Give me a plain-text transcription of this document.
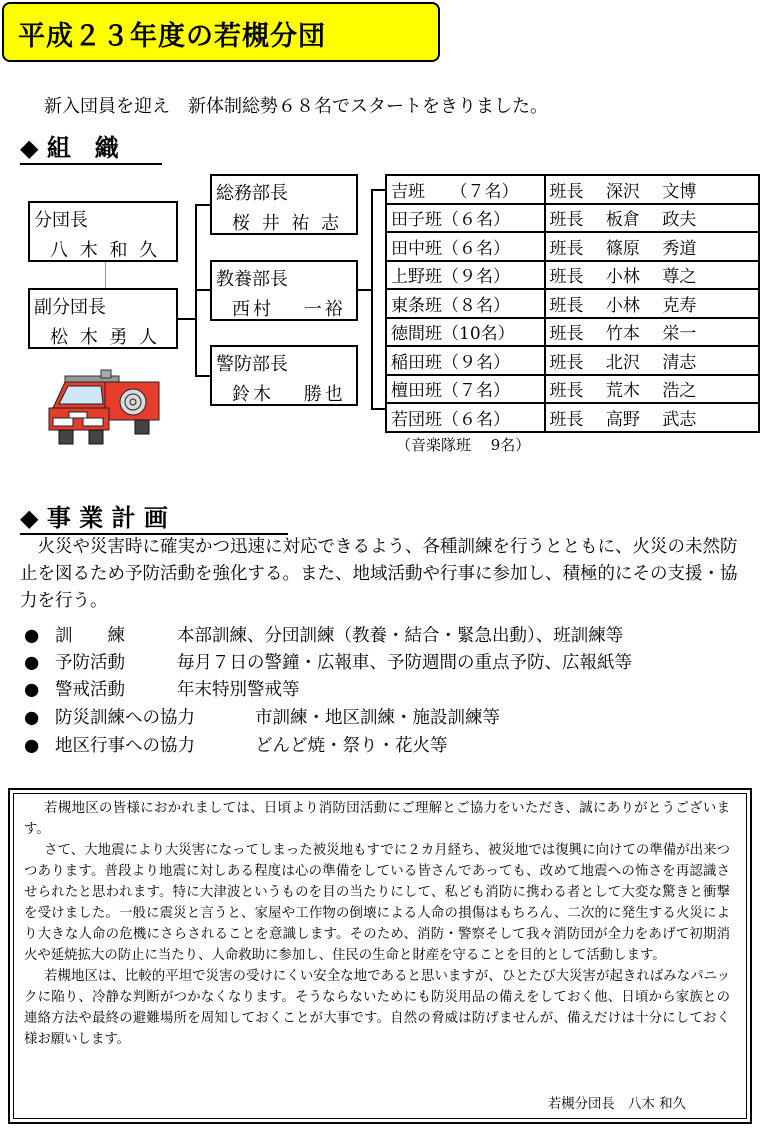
平成２３年度の若槻分団
新入団員を迎え　新体制総勢６８名でスタートをきりました。
◆ 組　織
分団長
八 木 和 久
副分団長
松 木 勇 人
総務部長
桜 井 祐 志
教養部長
西村　 一裕
警防部長
鈴木　 勝也
吉班　　（７名）	班長　 深沢　 文博
田子班（６名）	班長　 板倉　 政夫
田中班（６名）	班長　 篠原　 秀道
上野班（９名）	班長　 小林　 尊之
東条班（８名）	班長　 小林　 克寿
徳間班（10名）	班長　 竹本　 栄一
稲田班（９名）	班長　 北沢　 清志
檀田班（７名）	班長　 荒木　 浩之
若団班（６名）	班長　 高野　 武志
（音楽隊班　 9名）
◆ 事 業 計 画

火災や災害時に確実かつ迅速に対応できるよう、各種訓練を行うとともに、火災の未然防止を図るため予防活動を強化する。また、地域活動や行事に参加し、積極的にその支援・協力を行う。

● 訓　　練	本部訓練、分団訓練（教養・結合・緊急出動）、班訓練等
● 予防活動	毎月７日の警鐘・広報車、予防週間の重点予防、広報紙等
● 警戒活動	年末特別警戒等
● 防災訓練への協力	市訓練・地区訓練・施設訓練等
● 地区行事への協力	どんど焼・祭り・花火等

若槻地区の皆様におかれましては、日頃より消防団活動にご理解とご協力をいただき、誠にありがとうございます。

さて、大地震により大災害になってしまった被災地もすでに２カ月経ち、被災地では復興に向けての準備が出来つつあります。普段より地震に対しある程度は心の準備をしている皆さんであっても、改めて地震への怖さを再認識させられたと思われます。特に大津波というものを目の当たりにして、私ども消防に携わる者として大変な驚きと衝撃を受けました。一般に震災と言うと、家屋や工作物の倒壊による人命の損傷はもちろん、二次的に発生する火災により大きな人命の危機にさらされることを意識します。そのため、消防・警察そして我々消防団が全力をあげて初期消火や延焼拡大の防止に当たり、人命救助に参加し、住民の生命と財産を守ることを目的として活動します。

若槻地区は、比較的平坦で災害の受けにくい安全な地であると思いますが、ひとたび大災害が起きればみなパニックに陥り、冷静な判断がつかなくなります。そうならないためにも防災用品の備えをしておく他、日頃から家族との連絡方法や最終の避難場所を周知しておくことが大事です。自然の脅威は防げませんが、備えだけは十分にしておく様お願いします。

若槻分団長　八木 和久
